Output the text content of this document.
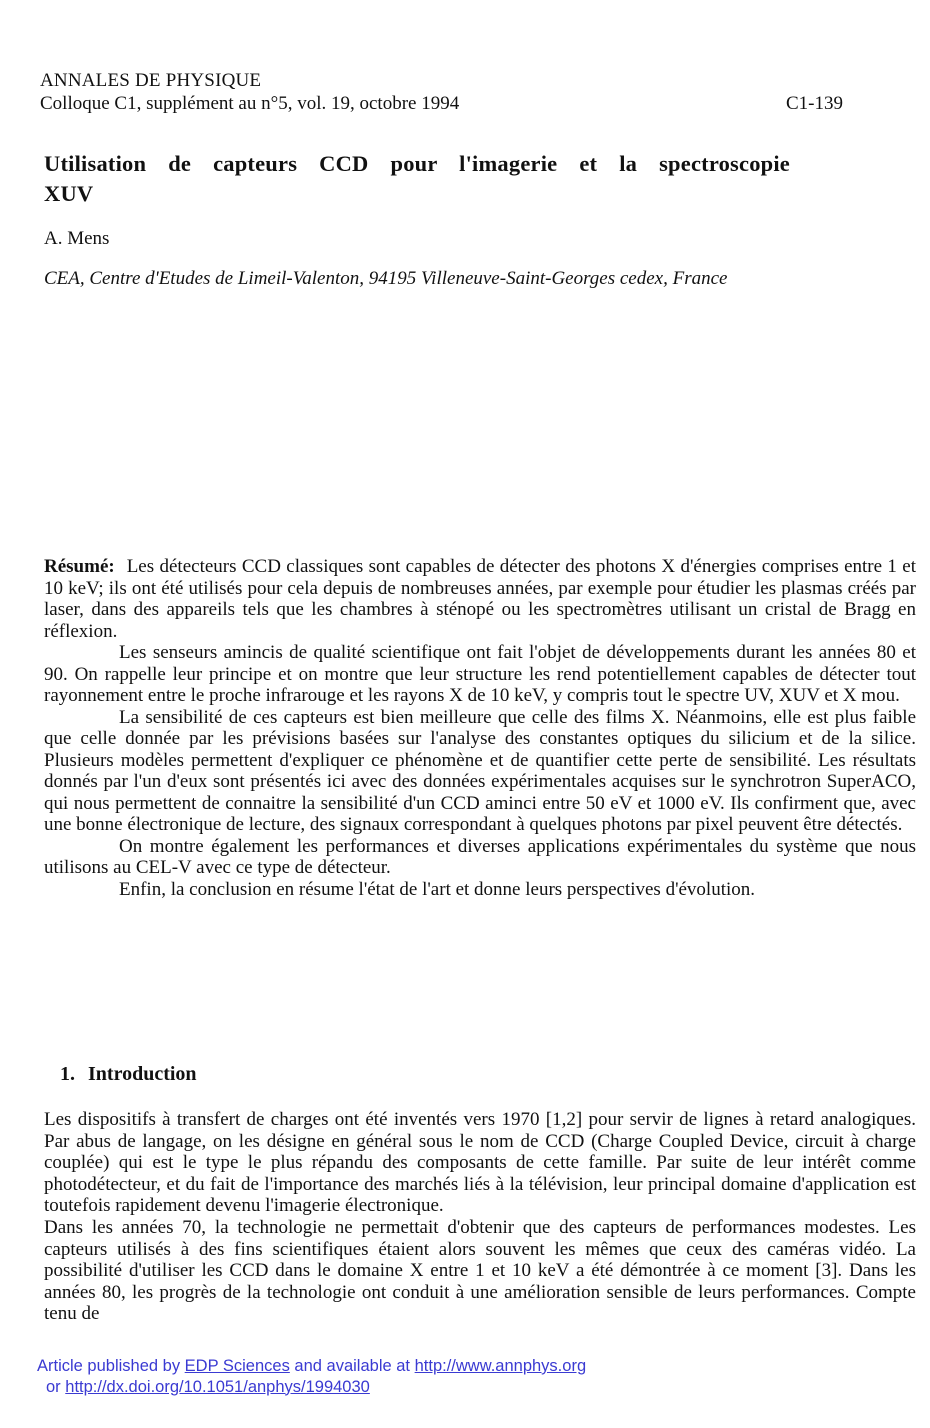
ANNALES DE PHYSIQUE
Colloque C1, supplément au n°5, vol. 19, octobre 1994	C1-139
Utilisation de capteurs CCD pour l'imagerie et la spectroscopie
XUV
A. Mens
CEA, Centre d'Etudes de Limeil-Valenton, 94195 Villeneuve-Saint-Georges cedex, France

Résumé: Les détecteurs CCD classiques sont capables de détecter des photons X d'énergies comprises entre 1 et 10 keV; ils ont été utilisés pour cela depuis de nombreuses années, par exemple pour étudier les plasmas créés par laser, dans des appareils tels que les chambres à sténopé ou les spectromètres utilisant un cristal de Bragg en réflexion.

Les senseurs amincis de qualité scientifique ont fait l'objet de développements durant les années 80 et 90. On rappelle leur principe et on montre que leur structure les rend potentiellement capables de détecter tout rayonnement entre le proche infrarouge et les rayons X de 10 keV, y compris tout le spectre UV, XUV et X mou.

La sensibilité de ces capteurs est bien meilleure que celle des films X. Néanmoins, elle est plus faible que celle donnée par les prévisions basées sur l'analyse des constantes optiques du silicium et de la silice. Plusieurs modèles permettent d'expliquer ce phénomène et de quantifier cette perte de sensibilité. Les résultats donnés par l'un d'eux sont présentés ici avec des données expérimentales acquises sur le synchrotron SuperACO, qui nous permettent de connaitre la sensibilité d'un CCD aminci entre 50 eV et 1000 eV. Ils confirment que, avec une bonne électronique de lecture, des signaux correspondant à quelques photons par pixel peuvent être détectés.

On montre également les performances et diverses applications expérimentales du système que nous utilisons au CEL-V avec ce type de détecteur.

Enfin, la conclusion en résume l'état de l'art et donne leurs perspectives d'évolution.

1. Introduction

Les dispositifs à transfert de charges ont été inventés vers 1970 [1,2] pour servir de lignes à retard analogiques. Par abus de langage, on les désigne en général sous le nom de CCD (Charge Coupled Device, circuit à charge couplée) qui est le type le plus répandu des composants de cette famille. Par suite de leur intérêt comme photodétecteur, et du fait de l'importance des marchés liés à la télévision, leur principal domaine d'application est toutefois rapidement devenu l'imagerie électronique.

Dans les années 70, la technologie ne permettait d'obtenir que des capteurs de performances modestes. Les capteurs utilisés à des fins scientifiques étaient alors souvent les mêmes que ceux des caméras vidéo. La possibilité d'utiliser les CCD dans le domaine X entre 1 et 10 keV a été démontrée à ce moment [3]. Dans les années 80, les progrès de la technologie ont conduit à une amélioration sensible de leurs performances. Compte tenu de

Article published by EDP Sciences and available at http://www.annphys.org
or http://dx.doi.org/10.1051/anphys/1994030
